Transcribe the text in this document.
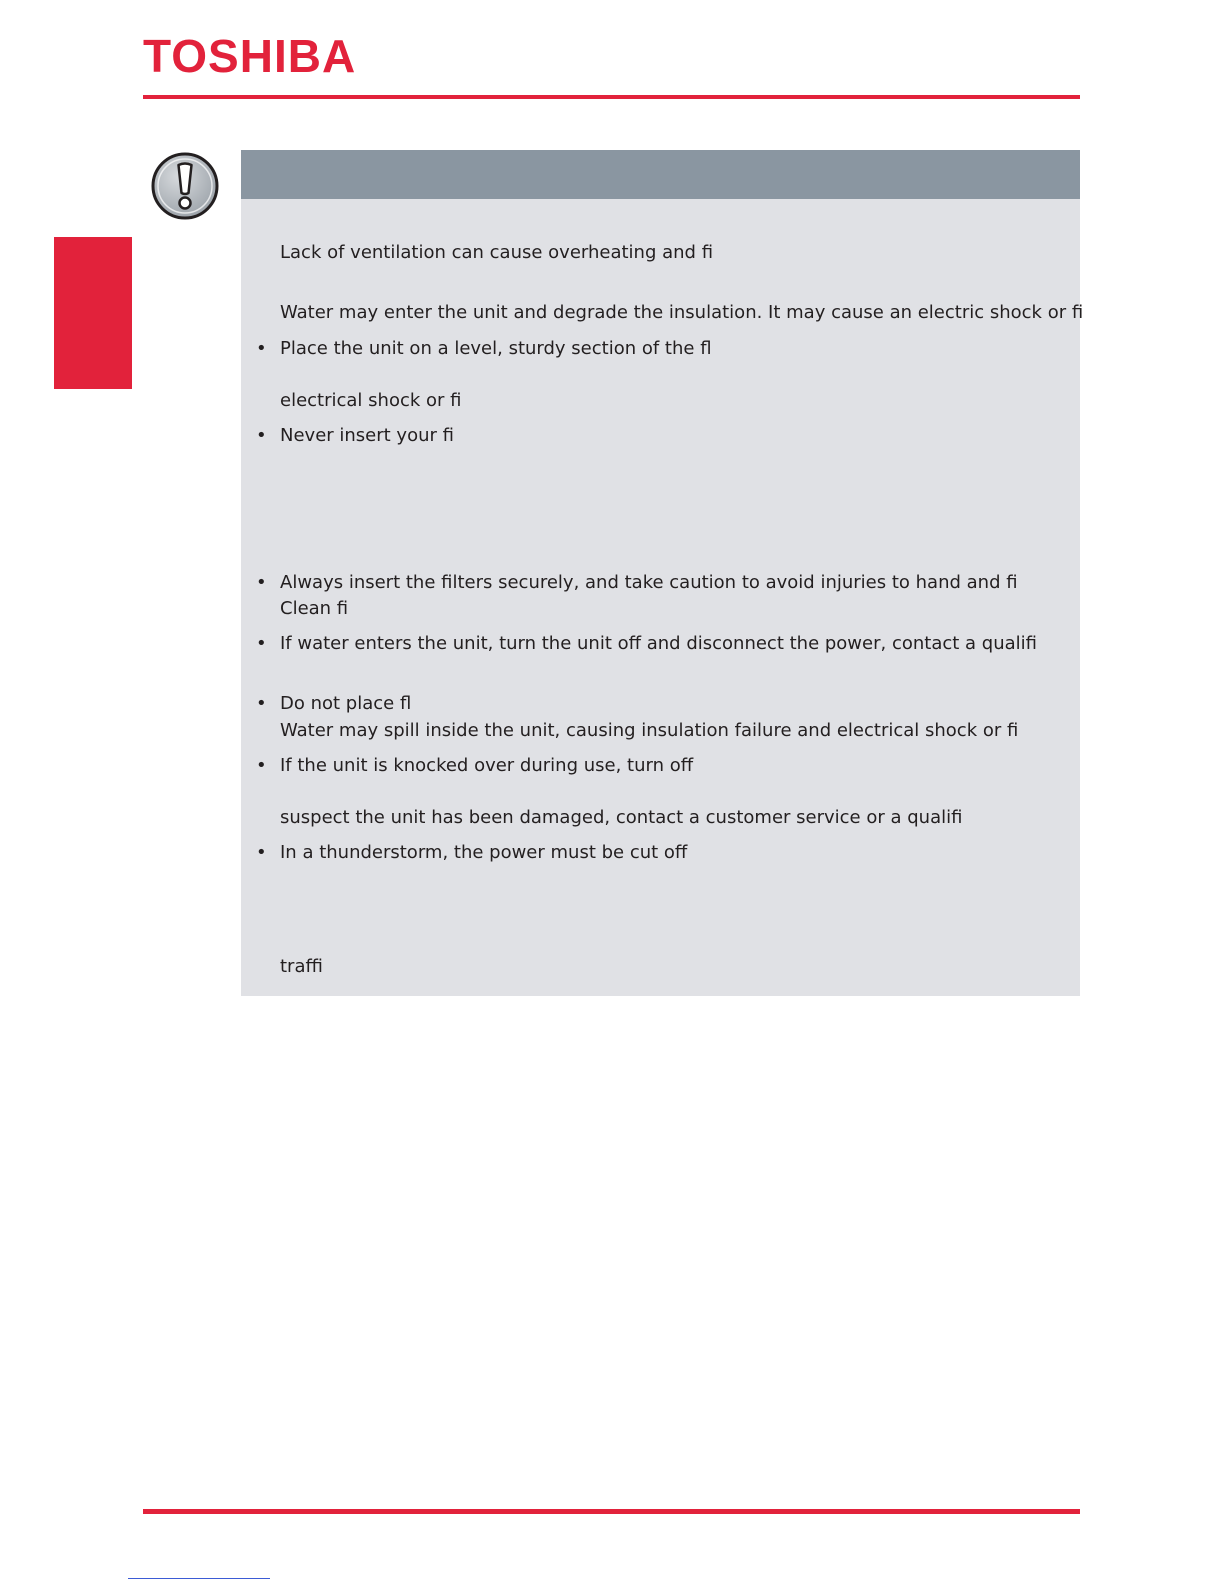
TOSHIBA
Lack of ventilation can cause overheating and fi
Water may enter the unit and degrade the insulation. It may cause an electric shock or fi
• Place the unit on a level, sturdy section of the fl
electrical shock or fi
• Never insert your fi
• Always insert the filters securely, and take caution to avoid injuries to hand and fi
Clean fi
• If water enters the unit, turn the unit off and disconnect the power, contact a qualifi
• Do not place fl
Water may spill inside the unit, causing insulation failure and electrical shock or fi
• If the unit is knocked over during use, turn off
suspect the unit has been damaged, contact a customer service or a qualifi
• In a thunderstorm, the power must be cut off
traffi
